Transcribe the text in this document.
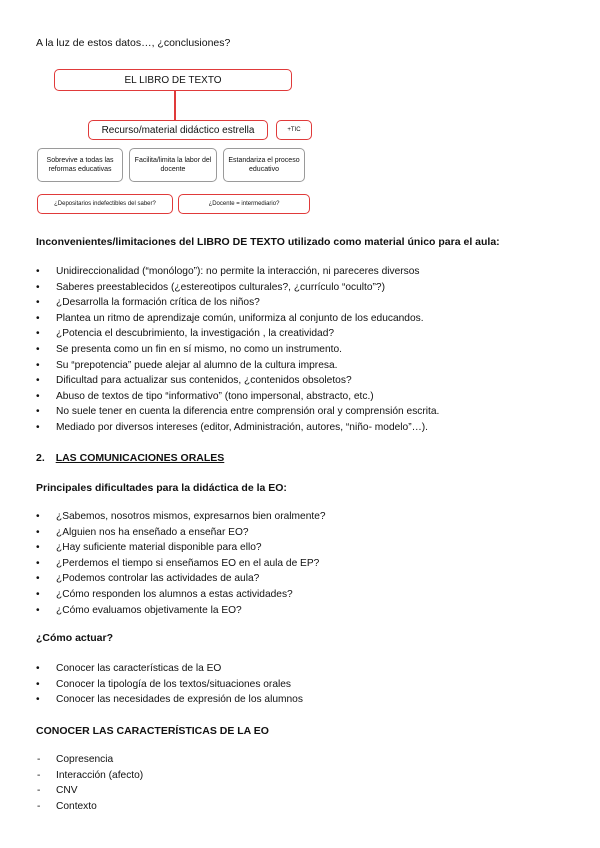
A la luz de estos datos…, ¿conclusiones?
EL LIBRO DE TEXTO
Recurso/material didáctico estrella	+TIC
Sobrevive a todas las reformas educativas
Facilita/limita la labor del docente
Estandariza el proceso educativo
¿Depositarios indefectibles del saber?	¿Docente = intermediario?
Inconvenientes/limitaciones del LIBRO DE TEXTO utilizado como material único para el aula:
• Unidireccionalidad (“monólogo”): no permite la interacción, ni pareceres diversos
• Saberes preestablecidos (¿estereotipos culturales?, ¿currículo “oculto”?)
• ¿Desarrolla la formación crítica de los niños?
• Plantea un ritmo de aprendizaje común, uniformiza al conjunto de los educandos.
• ¿Potencia el descubrimiento, la investigación , la creatividad?
• Se presenta como un fin en sí mismo, no como un instrumento.
• Su “prepotencia” puede alejar al alumno de la cultura impresa.
• Dificultad para actualizar sus contenidos, ¿contenidos obsoletos?
• Abuso de textos de tipo “informativo” (tono impersonal, abstracto, etc.)
• No suele tener en cuenta la diferencia entre comprensión oral y comprensión escrita.
• Mediado por diversos intereses (editor, Administración, autores, “niño- modelo”…).
2. LAS COMUNICACIONES ORALES
Principales dificultades para la didáctica de la EO:
• ¿Sabemos, nosotros mismos, expresarnos bien oralmente?
• ¿Alguien nos ha enseñado a enseñar EO?
• ¿Hay suficiente material disponible para ello?
• ¿Perdemos el tiempo si enseñamos EO en el aula de EP?
• ¿Podemos controlar las actividades de aula?
• ¿Cómo responden los alumnos a estas actividades?
• ¿Cómo evaluamos objetivamente la EO?
¿Cómo actuar?
• Conocer las características de la EO
• Conocer la tipología de los textos/situaciones orales
• Conocer las necesidades de expresión de los alumnos
CONOCER LAS CARACTERÍSTICAS DE LA EO
- Copresencia
- Interacción (afecto)
- CNV
- Contexto
